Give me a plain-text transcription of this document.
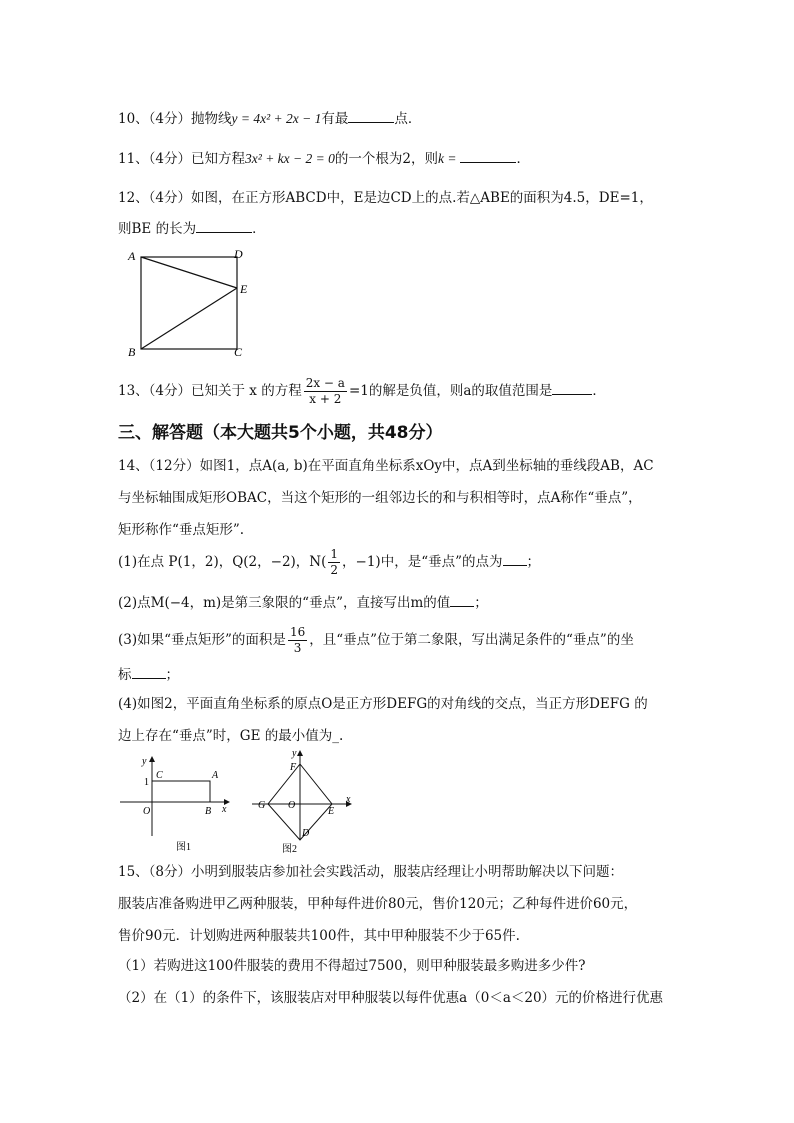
10、（4分）抛物线y = 4x² + 2x − 1有最	点．
11、（4分）已知方程3x² + kx − 2 = 0的一个根为2，则k =	．
12、（4分）如图，在正方形ABCD中，E是边CD上的点.若△ABE的面积为4.5，DE=1，
则BE 的长为	．
A	D
E
B	C
13、（4分）已知关于 x 的方程 $\frac{2x - a}{x + 2} =1$的解是负值，则a的取值范围是	．
三、解答题（本大题共5个小题，共48分）
14、（12分）如图1，点A(a, b)在平面直角坐标系xOy中，点A到坐标轴的垂线段AB，AC
与坐标轴围成矩形OBAC，当这个矩形的一组邻边长的和与积相等时，点A称作“垂点”，
矩形称作“垂点矩形”.
(1)在点 P(1，2)，Q(2，−2)，$N( \frac{1}{2}$ ，−1)中，是“垂点”的点为 ；
(2)点M(−4，m)是第三象限的“垂点”，直接写出m的值 ；
(3)如果“垂点矩形”的面积是 $\frac{16}{3}$ ，且“垂点”位于第二象限，写出满足条件的“垂点”的坐
标	；
(4)如图2，平面直角坐标系的原点O是正方形DEFG的对角线的交点，当正方形DEFG 的
边上存在“垂点”时，GE 的最小值为_.
y
x
1
C	A
O	B
图1
y
x
F
G O
E
D
图2
15、（8分）小明到服装店参加社会实践活动，服装店经理让小明帮助解决以下问题：
服装店准备购进甲乙两种服装，甲种每件进价80元，售价120元；乙种每件进价60元，
售价90元．计划购进两种服装共100件，其中甲种服装不少于65件.
（1）若购进这100件服装的费用不得超过7500，则甲种服装最多购进多少件?
（2）在（1）的条件下，该服装店对甲种服装以每件优惠a（0＜a＜20）元的价格进行优惠
